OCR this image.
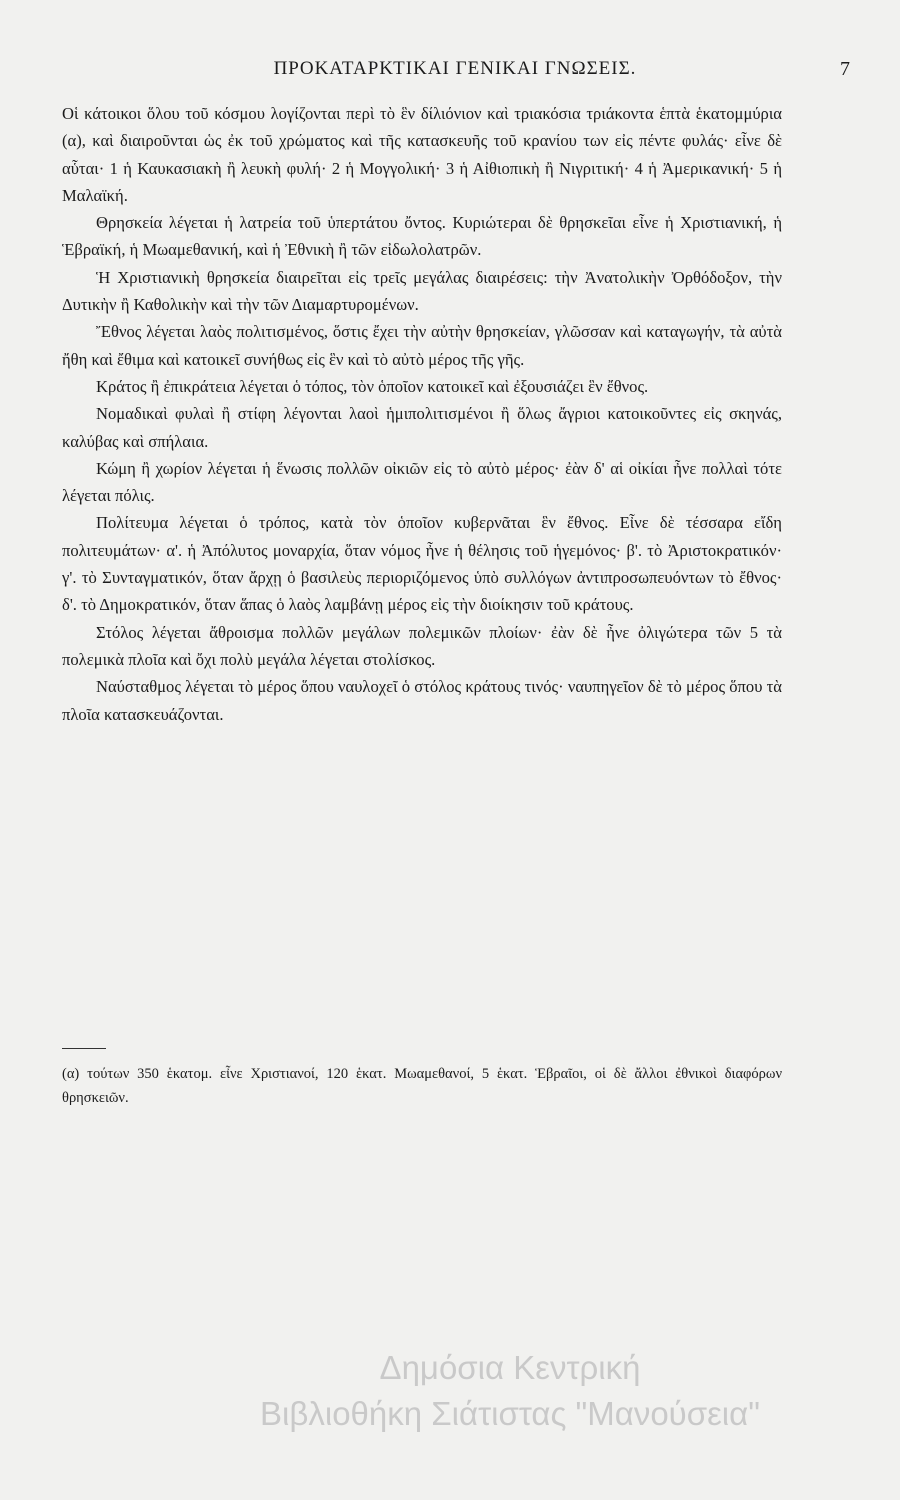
ΠΡΟΚΑΤΑΡΚΤΙΚΑΙ ΓΕΝΙΚΑΙ ΓΝΩΣΕΙΣ.	7

Οἱ κάτοικοι ὅλου τοῦ κόσμου λογίζονται περὶ τὸ ἓν δίλιόνιον καὶ τριακόσια τριάκοντα ἑπτὰ ἑκατομμύρια (α), καὶ διαιροῦνται ὡς ἐκ τοῦ χρώματος καὶ τῆς κατασκευῆς τοῦ κρανίου των εἰς πέντε φυλάς· εἶνε δὲ αὗται· 1 ἡ Καυκασιακὴ ἢ λευκὴ φυλή· 2 ἡ Μογγολική· 3 ἡ Αἰθιοπικὴ ἢ Νιγριτική· 4 ἡ Ἀμερικανική· 5 ἡ Μαλαϊκή.

Θρησκεία λέγεται ἡ λατρεία τοῦ ὑπερτάτου ὄντος. Κυριώτεραι δὲ θρησκεῖαι εἶνε ἡ Χριστιανική, ἡ Ἑβραϊκή, ἡ Μωαμεθανική, καὶ ἡ Ἐθνικὴ ἢ τῶν εἰδωλολατρῶν.

Ἡ Χριστιανικὴ θρησκεία διαιρεῖται εἰς τρεῖς μεγάλας διαιρέσεις: τὴν Ἀνατολικὴν Ὀρθόδοξον, τὴν Δυτικὴν ἢ Καθολικὴν καὶ τὴν τῶν Διαμαρτυρομένων.

Ἔθνος λέγεται λαὸς πολιτισμένος, ὅστις ἔχει τὴν αὐτὴν θρησκείαν, γλῶσσαν καὶ καταγωγήν, τὰ αὐτὰ ἤθη καὶ ἔθιμα καὶ κατοικεῖ συνήθως εἰς ἓν καὶ τὸ αὐτὸ μέρος τῆς γῆς.

Κράτος ἢ ἐπικράτεια λέγεται ὁ τόπος, τὸν ὁποῖον κατοικεῖ καὶ ἐξουσιάζει ἓν ἔθνος.

Νομαδικαὶ φυλαὶ ἢ στίφη λέγονται λαοὶ ἡμιπολιτισμένοι ἢ ὅλως ἄγριοι κατοικοῦντες εἰς σκηνάς, καλύβας καὶ σπήλαια.

Κώμη ἢ χωρίον λέγεται ἡ ἕνωσις πολλῶν οἰκιῶν εἰς τὸ αὐτὸ μέρος· ἐὰν δ' αἱ οἰκίαι ἦνε πολλαὶ τότε λέγεται πόλις.

Πολίτευμα λέγεται ὁ τρόπος, κατὰ τὸν ὁποῖον κυβερνᾶται ἓν ἔθνος. Εἶνε δὲ τέσσαρα εἴδη πολιτευμάτων· α'. ἡ Ἀπόλυτος μοναρχία, ὅταν νόμος ἦνε ἡ θέλησις τοῦ ἡγεμόνος· β'. τὸ Ἀριστοκρατικόν· γ'. τὸ Συνταγματικόν, ὅταν ἄρχῃ ὁ βασιλεὺς περιοριζόμενος ὑπὸ συλλόγων ἀντιπροσωπευόντων τὸ ἔθνος· δ'. τὸ Δημοκρατικόν, ὅταν ἅπας ὁ λαὸς λαμβάνῃ μέρος εἰς τὴν διοίκησιν τοῦ κράτους.

Στόλος λέγεται ἄθροισμα πολλῶν μεγάλων πολεμικῶν πλοίων· ἐὰν δὲ ἦνε ὀλιγώτερα τῶν 5 τὰ πολεμικὰ πλοῖα καὶ ὄχι πολὺ μεγάλα λέγεται στολίσκος.

Ναύσταθμος λέγεται τὸ μέρος ὅπου ναυλοχεῖ ὁ στόλος κράτους τινός· ναυπηγεῖον δὲ τὸ μέρος ὅπου τὰ πλοῖα κατασκευάζονται.

(α) τούτων 350 ἑκατομ. εἶνε Χριστιανοί, 120 ἑκατ. Μωαμεθανοί, 5 ἑκατ. Ἑβραῖοι, οἱ δὲ ἄλλοι ἐθνικοὶ διαφόρων θρησκειῶν.
Δημόσια Κεντρική
Βιβλιοθήκη Σιάτιστας "Μανούσεια"
